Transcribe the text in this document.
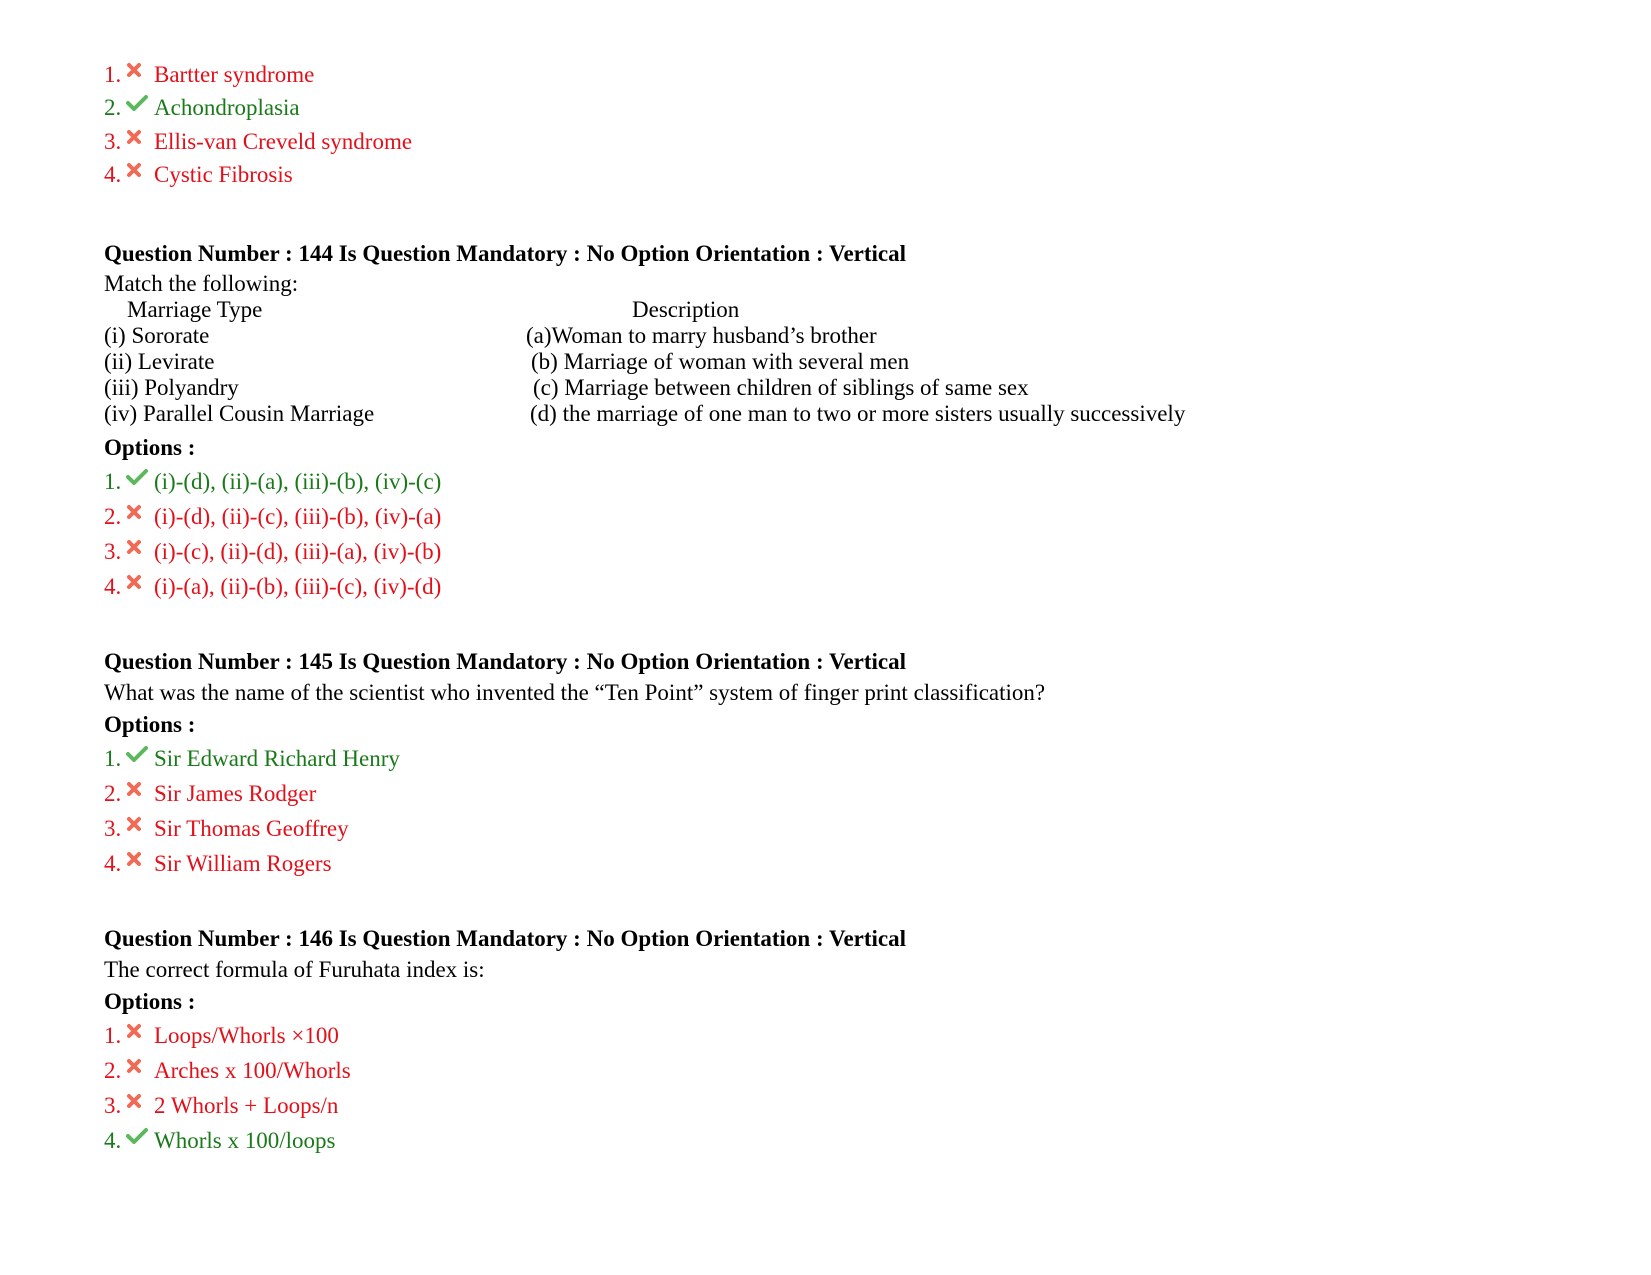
1. Bartter syndrome
2. Achondroplasia
3. Ellis-van Creveld syndrome
4. Cystic Fibrosis
Question Number : 144 Is Question Mandatory : No Option Orientation : Vertical
Match the following:
Marriage Type	Description
(i) Sororate
(ii) Levirate
(iii) Polyandry
(iv) Parallel Cousin Marriage
(a)Woman to marry husband’s brother
(b) Marriage of woman with several men
(c) Marriage between children of siblings of same sex
(d) the marriage of one man to two or more sisters usually successively
Options :
1. (i)-(d), (ii)-(a), (iii)-(b), (iv)-(c)
2. (i)-(d), (ii)-(c), (iii)-(b), (iv)-(a)
3. (i)-(c), (ii)-(d), (iii)-(a), (iv)-(b)
4. (i)-(a), (ii)-(b), (iii)-(c), (iv)-(d)
Question Number : 145 Is Question Mandatory : No Option Orientation : Vertical
What was the name of the scientist who invented the “Ten Point” system of finger print classification?
Options :
1. Sir Edward Richard Henry
2. Sir James Rodger
3. Sir Thomas Geoffrey
4. Sir William Rogers
Question Number : 146 Is Question Mandatory : No Option Orientation : Vertical
The correct formula of Furuhata index is:
Options :
1. Loops/Whorls ×100
2. Arches x 100/Whorls
3. 2 Whorls + Loops/n
4. Whorls x 100/loops
